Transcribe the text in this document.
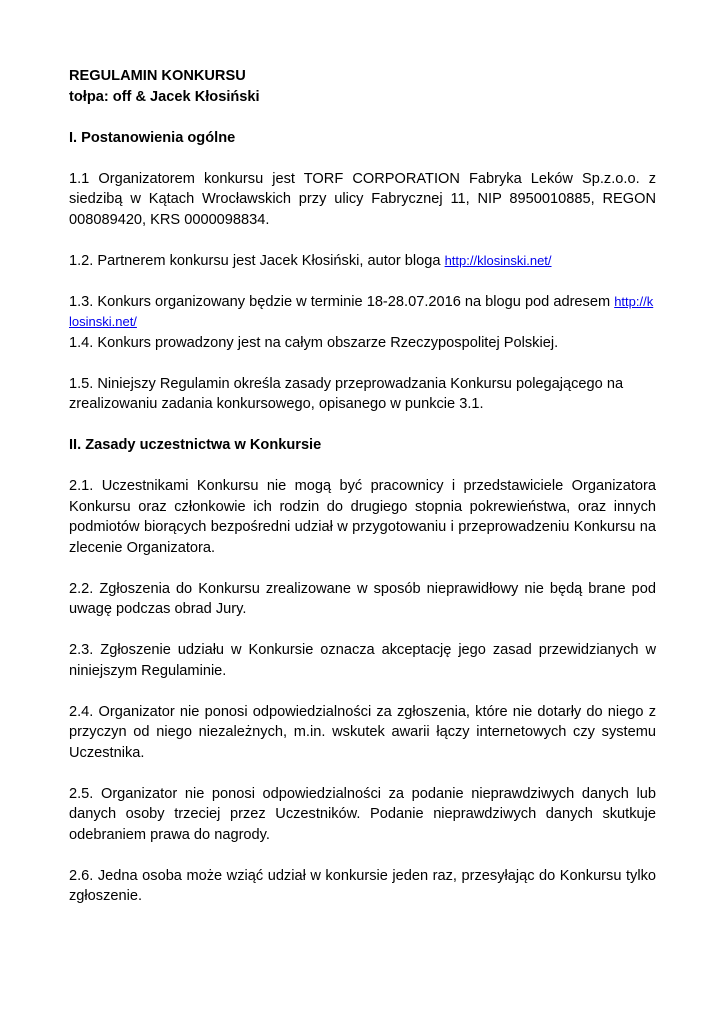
REGULAMIN KONKURSU

tołpa: off & Jacek Kłosiński

I. Postanowienia ogólne

1.1 Organizatorem konkursu jest TORF CORPORATION Fabryka Leków Sp.z.o.o. z siedzibą w Kątach Wrocławskich przy ulicy Fabrycznej 11, NIP 8950010885, REGON 008089420, KRS 0000098834.

1.2. Partnerem konkursu jest Jacek Kłosiński, autor bloga http://klosinski.net/

1.3. Konkurs organizowany będzie w terminie 18-28.07.2016 na blogu pod adresem http://klosinski.net/

1.4. Konkurs prowadzony jest na całym obszarze Rzeczypospolitej Polskiej.

1.5. Niniejszy Regulamin określa zasady przeprowadzania Konkursu polegającego na zrealizowaniu zadania konkursowego, opisanego w punkcie 3.1.

II. Zasady uczestnictwa w Konkursie

2.1. Uczestnikami Konkursu nie mogą być pracownicy i przedstawiciele Organizatora Konkursu oraz członkowie ich rodzin do drugiego stopnia pokrewieństwa, oraz innych podmiotów biorących bezpośredni udział w przygotowaniu i przeprowadzeniu Konkursu na zlecenie Organizatora.

2.2. Zgłoszenia do Konkursu zrealizowane w sposób nieprawidłowy nie będą brane pod uwagę podczas obrad Jury.

2.3. Zgłoszenie udziału w Konkursie oznacza akceptację jego zasad przewidzianych w niniejszym Regulaminie.

2.4. Organizator nie ponosi odpowiedzialności za zgłoszenia, które nie dotarły do niego z przyczyn od niego niezależnych, m.in. wskutek awarii łączy internetowych czy systemu Uczestnika.

2.5. Organizator nie ponosi odpowiedzialności za podanie nieprawdziwych danych lub danych osoby trzeciej przez Uczestników. Podanie nieprawdziwych danych skutkuje odebraniem prawa do nagrody.

2.6. Jedna osoba może wziąć udział w konkursie jeden raz, przesyłając do Konkursu tylko zgłoszenie.
